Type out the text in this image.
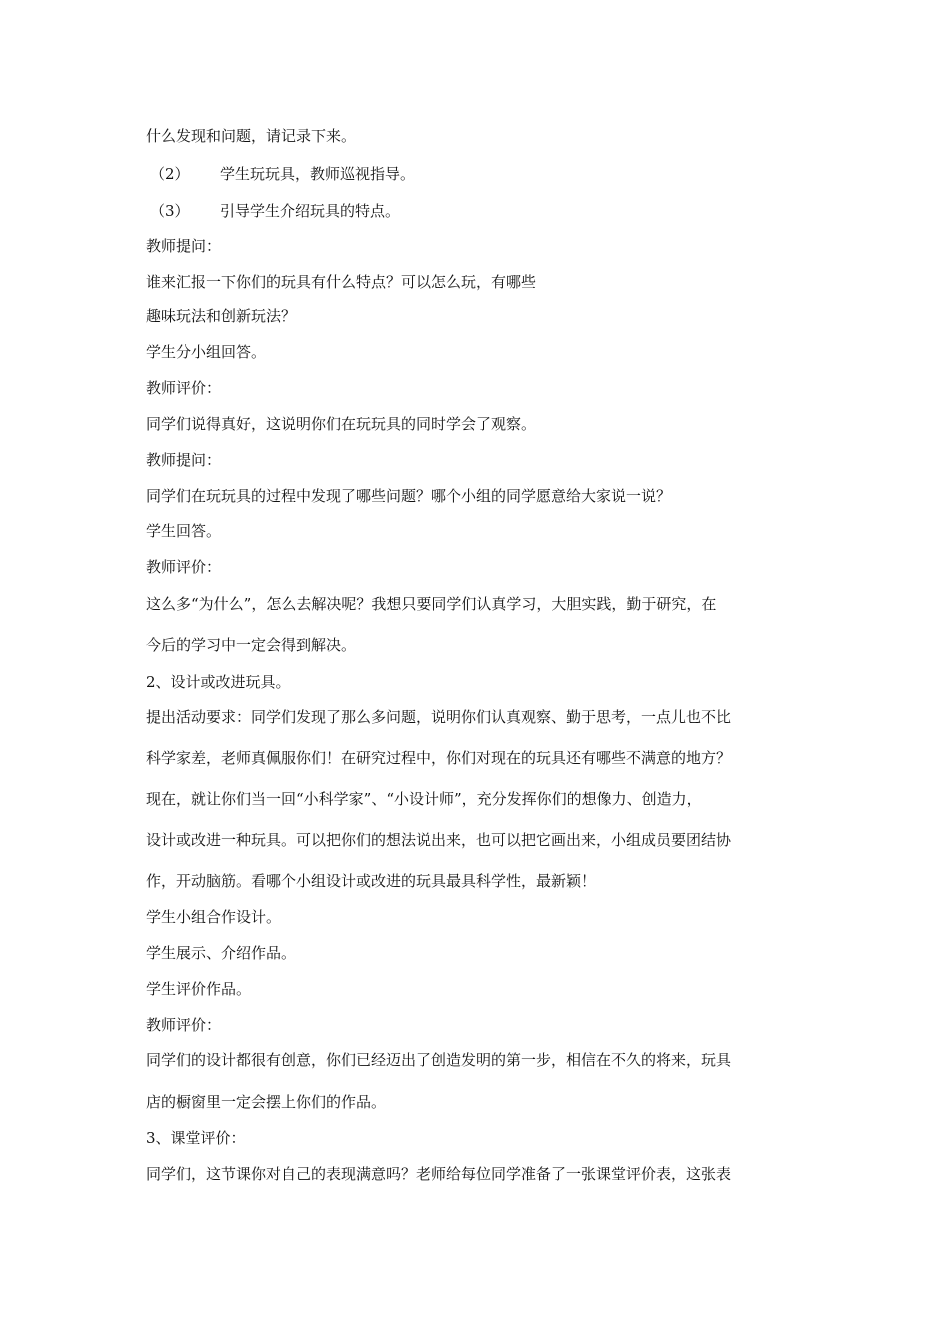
什么发现和问题，请记录下来。
（2） 学生玩玩具，教师巡视指导。
（3） 引导学生介绍玩具的特点。
教师提问：
谁来汇报一下你们的玩具有什么特点？可以怎么玩，有哪些
趣味玩法和创新玩法？
学生分小组回答。
教师评价：
同学们说得真好，这说明你们在玩玩具的同时学会了观察。
教师提问：
同学们在玩玩具的过程中发现了哪些问题？哪个小组的同学愿意给大家说一说？
学生回答。
教师评价：
这么多“为什么”，怎么去解决呢？我想只要同学们认真学习，大胆实践，勤于研究，在
今后的学习中一定会得到解决。
2、设计或改进玩具。
提出活动要求：同学们发现了那么多问题，说明你们认真观察、勤于思考，一点儿也不比
科学家差，老师真佩服你们！在研究过程中，你们对现在的玩具还有哪些不满意的地方？
现在，就让你们当一回“小科学家”、“小设计师”，充分发挥你们的想像力、创造力，
设计或改进一种玩具。可以把你们的想法说出来，也可以把它画出来，小组成员要团结协
作，开动脑筋。看哪个小组设计或改进的玩具最具科学性，最新颖！
学生小组合作设计。
学生展示、介绍作品。
学生评价作品。
教师评价：
同学们的设计都很有创意，你们已经迈出了创造发明的第一步，相信在不久的将来，玩具
店的橱窗里一定会摆上你们的作品。
3、课堂评价：
同学们，这节课你对自己的表现满意吗？老师给每位同学准备了一张课堂评价表，这张表
